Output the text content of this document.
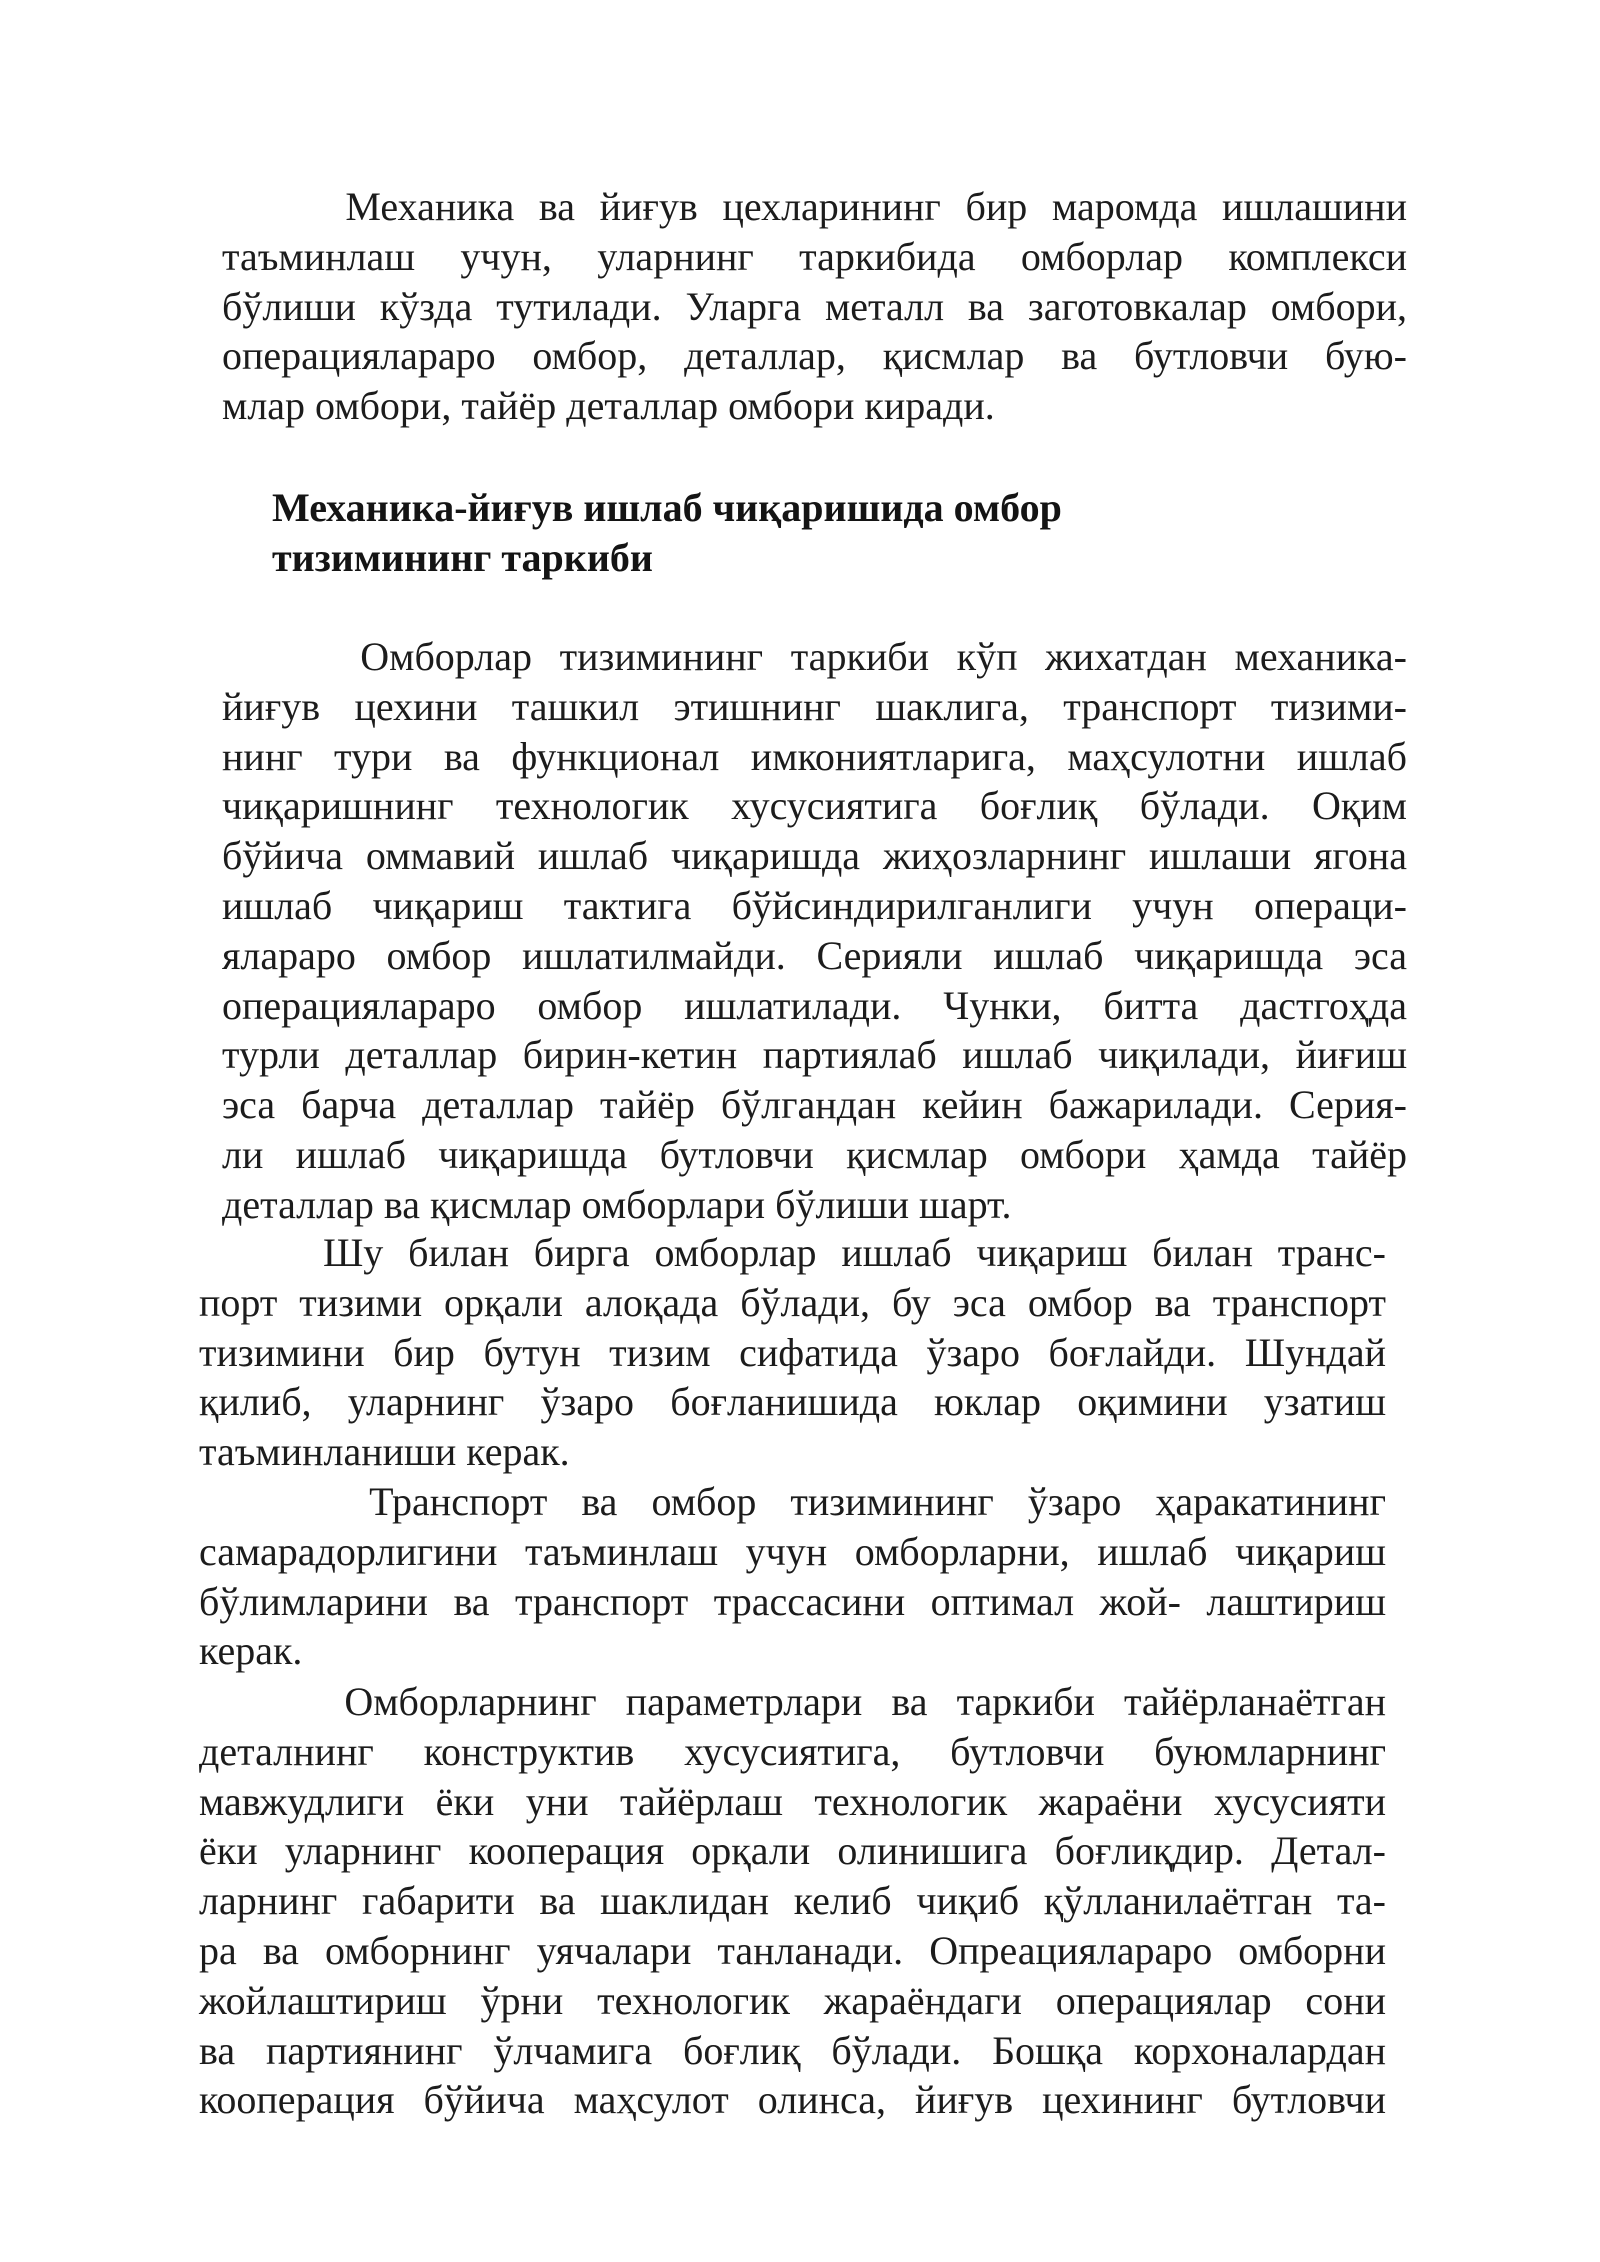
Механика ва йиғув цехларининг бир маромда ишлашини
таъминлаш учун, уларнинг таркибида омборлар комплекси
бўлиши кўзда тутилади. Уларга металл ва заготовкалар омбори,
операциялараро омбор, деталлар, қисмлар ва бутловчи бую-
млар омбори, тайёр деталлар омбори киради.
Механика-йиғув ишлаб чиқаришида омбор
тизимининг таркиби
Омборлар тизимининг таркиби кўп жихатдан механика-
йиғув цехини ташкил этишнинг шаклига, транспорт тизими-
нинг тури ва функционал имкониятларига, маҳсулотни ишлаб
чиқаришнинг технологик хусусиятига боғлиқ бўлади. Оқим
бўйича оммавий ишлаб чиқаришда жиҳозларнинг ишлаши ягона
ишлаб чиқариш тактига бўйсиндирилганлиги учун операци-
ялараро омбор ишлатилмайди. Серияли ишлаб чиқаришда эса
операциялараро омбор ишлатилади. Чунки, битта дастгоҳда
турли деталлар бирин-кетин партиялаб ишлаб чиқилади, йиғиш
эса барча деталлар тайёр бўлгандан кейин бажарилади. Серия-
ли ишлаб чиқаришда бутловчи қисмлар омбори ҳамда тайёр
деталлар ва қисмлар омборлари бўлиши шарт.
Шу билан бирга омборлар ишлаб чиқариш билан транс-
порт тизими орқали алоқада бўлади, бу эса омбор ва транспорт
тизимини бир бутун тизим сифатида ўзаро боғлайди. Шундай
қилиб, уларнинг ўзаро боғланишида юклар оқимини узатиш
таъминланиши керак.
Транспорт ва омбор тизимининг ўзаро ҳаракатининг
самарадорлигини таъминлаш учун омборларни, ишлаб чиқариш
бўлимларини ва транспорт трассасини оптимал жой- лаштириш
керак.
Омборларнинг параметрлари ва таркиби тайёрланаётган
деталнинг конструктив хусусиятига, бутловчи буюмларнинг
мавжудлиги ёки уни тайёрлаш технологик жараёни хусусияти
ёки уларнинг кооперация орқали олинишига боғлиқдир. Детал-
ларнинг габарити ва шаклидан келиб чиқиб қўлланилаётган та-
ра ва омборнинг уячалари танланади. Опреациялараро омборни
жойлаштириш ўрни технологик жараёндаги операциялар сони
ва партиянинг ўлчамига боғлиқ бўлади. Бошқа корхоналардан
кооперация бўйича маҳсулот олинса, йиғув цехининг бутловчи
